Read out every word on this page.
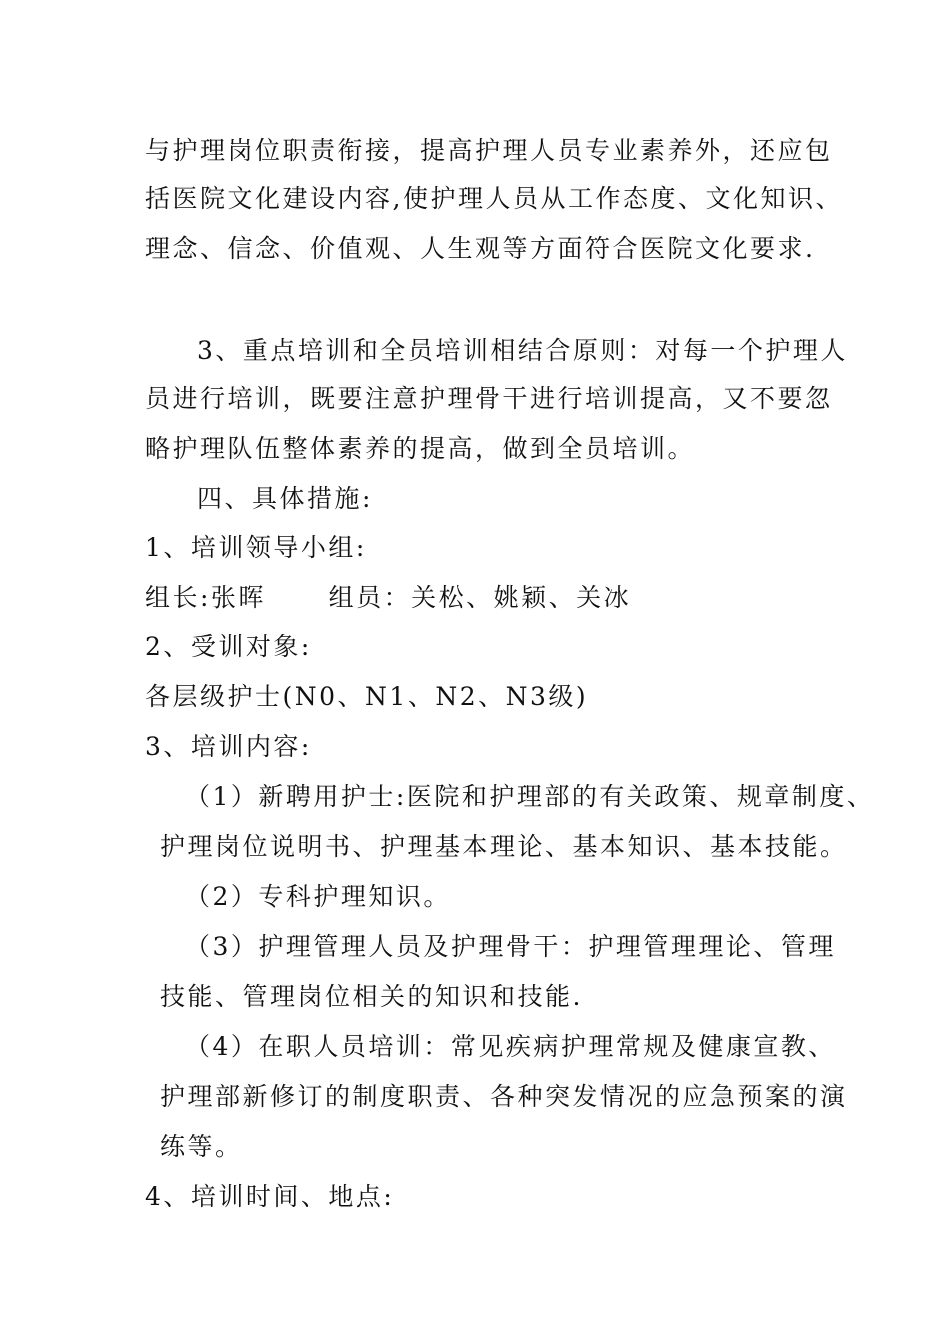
与护理岗位职责衔接，提高护理人员专业素养外，还应包
括医院文化建设内容,使护理人员从工作态度、文化知识、
理念、信念、价值观、人生观等方面符合医院文化要求.
3、重点培训和全员培训相结合原则：对每一个护理人
员进行培训，既要注意护理骨干进行培训提高，又不要忽
略护理队伍整体素养的提高，做到全员培训。
四、具体措施:
1、培训领导小组:
组长:张晖      组员：关松、姚颖、关冰
2、受训对象:
各层级护士(N0、N1、N2、N3级)
3、培训内容:
（1）新聘用护士:医院和护理部的有关政策、规章制度、
护理岗位说明书、护理基本理论、基本知识、基本技能。
（2）专科护理知识。
（3）护理管理人员及护理骨干：护理管理理论、管理
技能、管理岗位相关的知识和技能.
（4）在职人员培训：常见疾病护理常规及健康宣教、
护理部新修订的制度职责、各种突发情况的应急预案的演
练等。
4、培训时间、地点:
